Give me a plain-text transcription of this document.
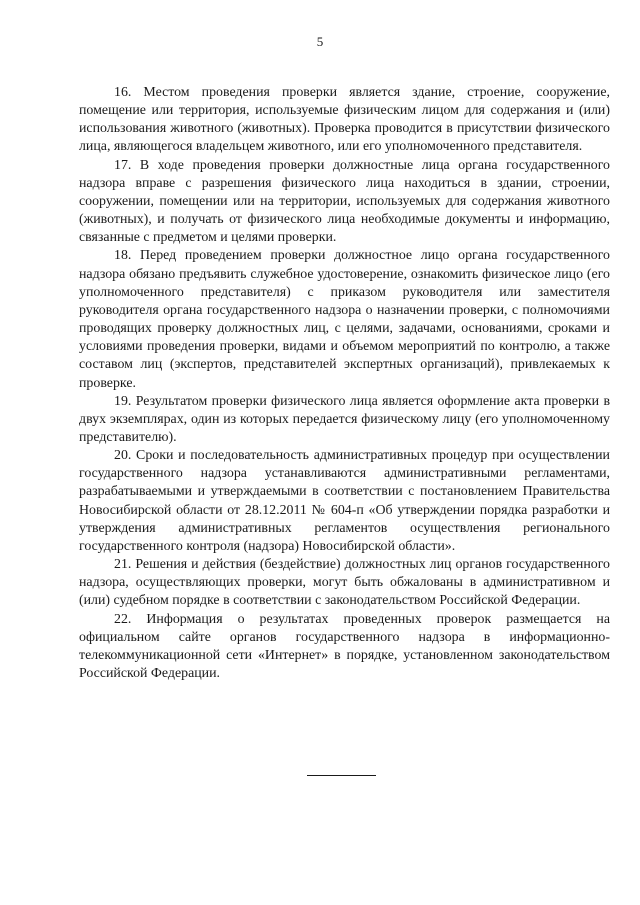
5

16. Местом проведения проверки является здание, строение, сооружение, помещение или территория, используемые физическим лицом для содержания и (или) использования животного (животных). Проверка проводится в присутствии физического лица, являющегося владельцем животного, или его уполномоченного представителя.

17. В ходе проведения проверки должностные лица органа государственного надзора вправе с разрешения физического лица находиться в здании, строении, сооружении, помещении или на территории, используемых для содержания животного (животных), и получать от физического лица необходимые документы и информацию, связанные с предметом и целями проверки.

18. Перед проведением проверки должностное лицо органа государственного надзора обязано предъявить служебное удостоверение, ознакомить физическое лицо (его уполномоченного представителя) с приказом руководителя или заместителя руководителя органа государственного надзора о назначении проверки, с полномочиями проводящих проверку должностных лиц, с целями, задачами, основаниями, сроками и условиями проведения проверки, видами и объемом мероприятий по контролю, а также составом лиц (экспертов, представителей экспертных организаций), привлекаемых к проверке.

19. Результатом проверки физического лица является оформление акта проверки в двух экземплярах, один из которых передается физическому лицу (его уполномоченному представителю).

20. Сроки и последовательность административных процедур при осуществлении государственного надзора устанавливаются административными регламентами, разрабатываемыми и утверждаемыми в соответствии с постановлением Правительства Новосибирской области от 28.12.2011 № 604-п «Об утверждении порядка разработки и утверждения административных регламентов осуществления регионального государственного контроля (надзора) Новосибирской области».

21. Решения и действия (бездействие) должностных лиц органов государственного надзора, осуществляющих проверки, могут быть обжалованы в административном и (или) судебном порядке в соответствии с законодательством Российской Федерации.

22. Информация о результатах проведенных проверок размещается на официальном сайте органов государственного надзора в информационно-телекоммуникационной сети «Интернет» в порядке, установленном законодательством Российской Федерации.
